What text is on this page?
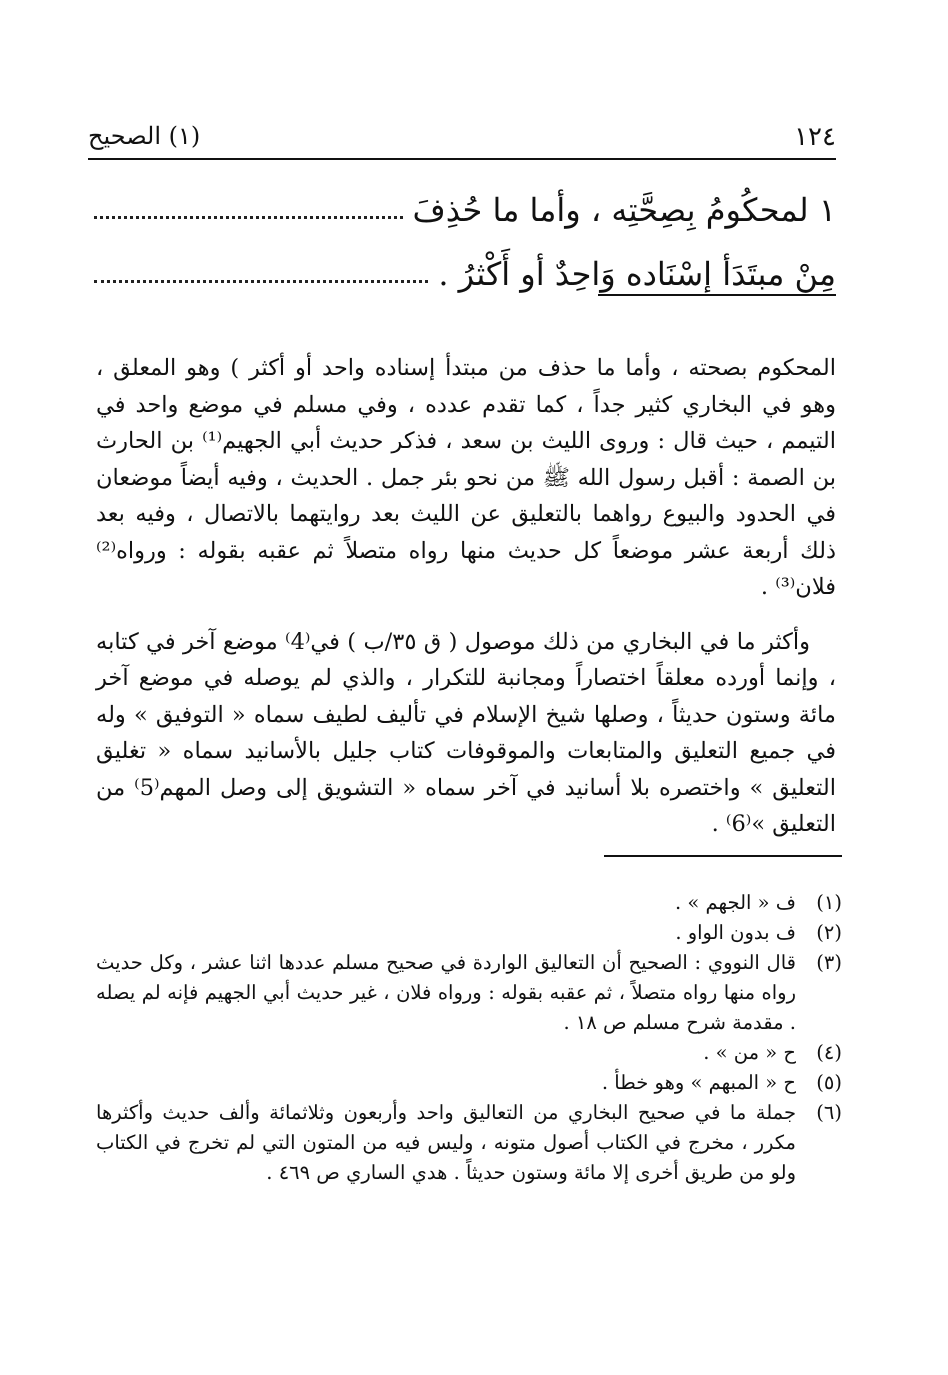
١٢٤
(١) الصحيح
١ لمحكُومُ بِصِحَّتِه ، وأما ما حُذِفَ
مِنْ مبتَدَأ إسْنَاده وَاحِدٌ أو أَكْثرُ .

المحكوم بصحته ، وأما ما حذف من مبتدأ إسناده واحد أو أكثر ) وهو المعلق ، وهو في البخاري كثير جداً ، كما تقدم عدده ، وفي مسلم في موضع واحد في التيمم ، حيث قال : وروى الليث بن سعد ، فذكر حديث أبي الجهيم⁽¹⁾ بن الحارث بن الصمة : أقبل رسول الله ﷺ من نحو بئر جمل . الحديث ، وفيه أيضاً موضعان في الحدود والبيوع رواهما بالتعليق عن الليث بعد روايتهما بالاتصال ، وفيه بعد ذلك أربعة عشر موضعاً كل حديث منها رواه متصلاً ثم عقبه بقوله : ورواه⁽²⁾ فلان⁽³⁾ .

وأكثر ما في البخاري من ذلك موصول ( ق ٣٥/ب ) في⁽4⁾ موضع آخر في كتابه ، وإنما أورده معلقاً اختصاراً ومجانبة للتكرار ، والذي لم يوصله في موضع آخر مائة وستون حديثاً ، وصلها شيخ الإسلام في تأليف لطيف سماه « التوفيق » وله في جميع التعليق والمتابعات والموقوفات كتاب جليل بالأسانيد سماه « تغليق التعليق » واختصره بلا أسانيد في آخر سماه « التشويق إلى وصل المهم⁽5⁾ من التعليق »⁽6⁾ .

(١)
ف « الجهم » .
(٢)
ف بدون الواو .
(٣)
قال النووي : الصحيح أن التعاليق الواردة في صحيح مسلم عددها اثنا عشر ، وكل حديث رواه منها رواه متصلاً ، ثم عقبه بقوله : ورواه فلان ، غير حديث أبي الجهيم فإنه لم يصله . مقدمة شرح مسلم ص ١٨ .
(٤)
ح « من » .
(٥)
ح « المبهم » وهو خطأ .
(٦)
جملة ما في صحيح البخاري من التعاليق واحد وأربعون وثلاثمائة وألف حديث وأكثرها مكرر ، مخرج في الكتاب أصول متونه ، وليس فيه من المتون التي لم تخرج في الكتاب ولو من طريق أخرى إلا مائة وستون حديثاً . هدي الساري ص ٤٦٩ .
